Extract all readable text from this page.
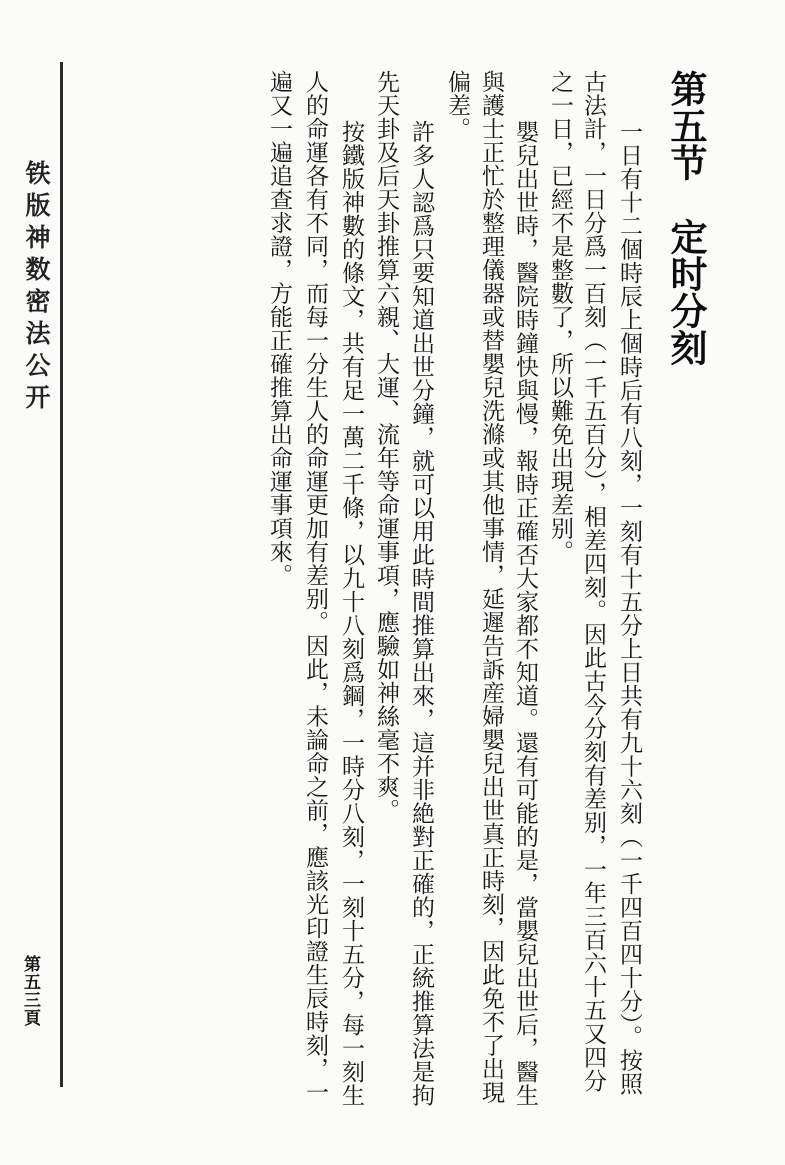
铁版神数密法公开
第五三頁
第五节　定时分刻
一日有十二個時辰上個時后有八刻，一刻有十五分上日共有九十六刻（一千四百四十分）。按照
古法計，一日分爲一百刻（一千五百分），相差四刻。因此古今分刻有差别，一年三百六十五又四分
之一日，已經不是整數了，所以難免出現差别。
嬰兒出世時，醫院時鐘快與慢，報時正確否大家都不知道。還有可能的是，當嬰兒出世后，醫生
與護士正忙於整理儀器或替嬰兒洗滌或其他事情，延遲告訴産婦嬰兒出世真正時刻，因此免不了出現
偏差。
許多人認爲只要知道出世分鐘，就可以用此時間推算出來，這并非絶對正確的，正統推算法是拘
先天卦及后天卦推算六親、大運、流年等命運事項，應驗如神絲毫不爽。
按鐵版神數的條文，共有足一萬二千條，以九十八刻爲鋼，一時分八刻，一刻十五分，每一刻生
人的命運各有不同，而每一分生人的命運更加有差别。因此，未論命之前，應該光印證生辰時刻，一
遍又一遍追查求證，方能正確推算出命運事項來。
